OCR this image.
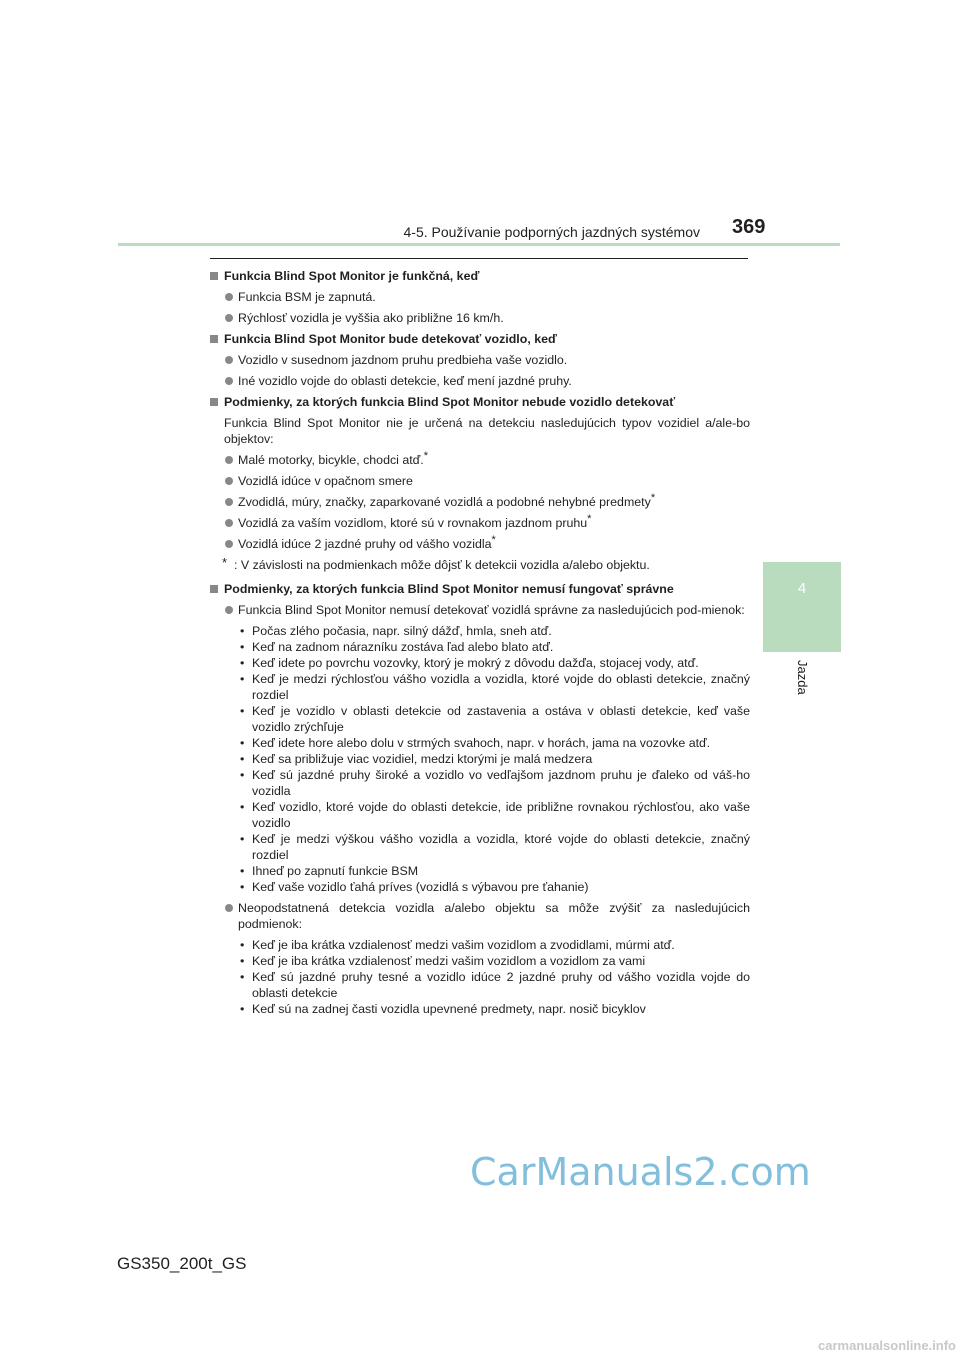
4-5. Používanie podporných jazdných systémov 369
4
Jazda
Funkcia Blind Spot Monitor je funkčná, keď
Funkcia BSM je zapnutá.
Rýchlosť vozidla je vyššia ako približne 16 km/h.
Funkcia Blind Spot Monitor bude detekovať vozidlo, keď
Vozidlo v susednom jazdnom pruhu predbieha vaše vozidlo.
Iné vozidlo vojde do oblasti detekcie, keď mení jazdné pruhy.
Podmienky, za ktorých funkcia Blind Spot Monitor nebude vozidlo detekovať
Funkcia Blind Spot Monitor nie je určená na detekciu nasledujúcich typov vozidiel a/ale-bo objektov:
Malé motorky, bicykle, chodci atď.*
Vozidlá idúce v opačnom smere
Zvodidlá, múry, značky, zaparkované vozidlá a podobné nehybné predmety*
Vozidlá za vaším vozidlom, ktoré sú v rovnakom jazdnom pruhu*
Vozidlá idúce 2 jazdné pruhy od vášho vozidla*
* : V závislosti na podmienkach môže dôjsť k detekcii vozidla a/alebo objektu.
Podmienky, za ktorých funkcia Blind Spot Monitor nemusí fungovať správne
Funkcia Blind Spot Monitor nemusí detekovať vozidlá správne za nasledujúcich pod-mienok:
• Počas zlého počasia, napr. silný dážď, hmla, sneh atď.
• Keď na zadnom nárazníku zostáva ľad alebo blato atď.
• Keď idete po povrchu vozovky, ktorý je mokrý z dôvodu dažďa, stojacej vody, atď.
• Keď je medzi rýchlosťou vášho vozidla a vozidla, ktoré vojde do oblasti detekcie, značný rozdiel
• Keď je vozidlo v oblasti detekcie od zastavenia a ostáva v oblasti detekcie, keď vaše vozidlo zrýchľuje
• Keď idete hore alebo dolu v strmých svahoch, napr. v horách, jama na vozovke atď.
• Keď sa približuje viac vozidiel, medzi ktorými je malá medzera
• Keď sú jazdné pruhy široké a vozidlo vo vedľajšom jazdnom pruhu je ďaleko od váš-ho vozidla
• Keď vozidlo, ktoré vojde do oblasti detekcie, ide približne rovnakou rýchlosťou, ako vaše vozidlo
• Keď je medzi výškou vášho vozidla a vozidla, ktoré vojde do oblasti detekcie, značný rozdiel
• Ihneď po zapnutí funkcie BSM
• Keď vaše vozidlo ťahá príves (vozidlá s výbavou pre ťahanie)
Neopodstatnená detekcia vozidla a/alebo objektu sa môže zvýšiť za nasledujúcich podmienok:
• Keď je iba krátka vzdialenosť medzi vašim vozidlom a zvodidlami, múrmi atď.
• Keď je iba krátka vzdialenosť medzi vašim vozidlom a vozidlom za vami
• Keď sú jazdné pruhy tesné a vozidlo idúce 2 jazdné pruhy od vášho vozidla vojde do oblasti detekcie
• Keď sú na zadnej časti vozidla upevnené predmety, napr. nosič bicyklov
GS350_200t_GS
CarManuals2.com
carmanualsonline.info
